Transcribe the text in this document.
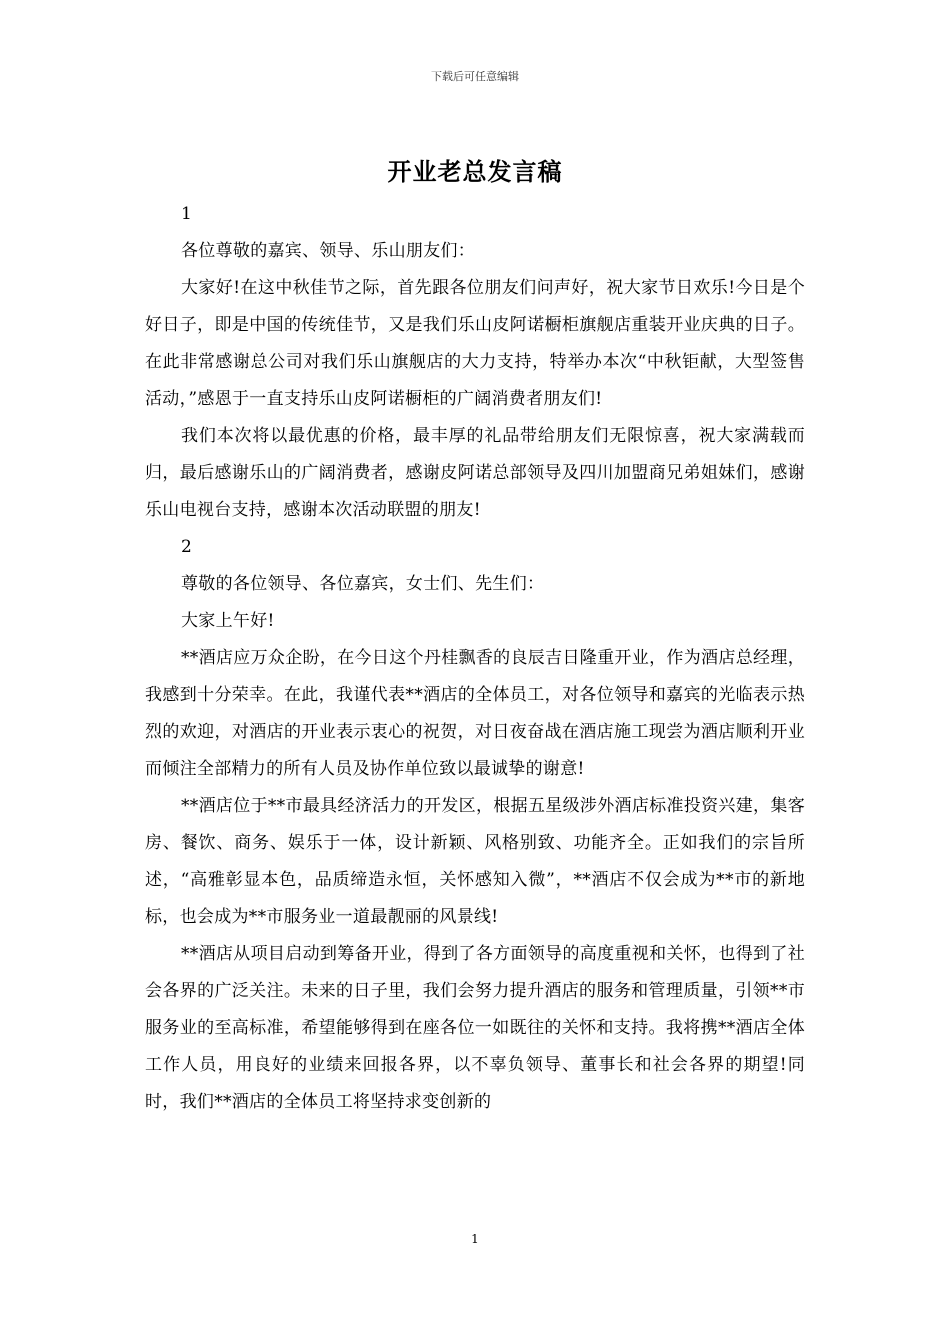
下载后可任意编辑
开业老总发言稿

1

各位尊敬的嘉宾、领导、乐山朋友们：

大家好!在这中秋佳节之际，首先跟各位朋友们问声好，祝大家节日欢乐!今日是个好日子，即是中国的传统佳节，又是我们乐山皮阿诺橱柜旗舰店重装开业庆典的日子。在此非常感谢总公司对我们乐山旗舰店的大力支持，特举办本次“中秋钜献，大型签售活动，”感恩于一直支持乐山皮阿诺橱柜的广阔消费者朋友们!

我们本次将以最优惠的价格，最丰厚的礼品带给朋友们无限惊喜，祝大家满载而归，最后感谢乐山的广阔消费者，感谢皮阿诺总部领导及四川加盟商兄弟姐妹们，感谢乐山电视台支持，感谢本次活动联盟的朋友!

2

尊敬的各位领导、各位嘉宾，女士们、先生们：

大家上午好!

**酒店应万众企盼，在今日这个丹桂飘香的良辰吉日隆重开业，作为酒店总经理，我感到十分荣幸。在此，我谨代表**酒店的全体员工，对各位领导和嘉宾的光临表示热烈的欢迎，对酒店的开业表示衷心的祝贺，对日夜奋战在酒店施工现尝为酒店顺利开业而倾注全部精力的所有人员及协作单位致以最诚挚的谢意!

**酒店位于**市最具经济活力的开发区，根据五星级涉外酒店标准投资兴建，集客房、餐饮、商务、娱乐于一体，设计新颖、风格别致、功能齐全。正如我们的宗旨所述，“高雅彰显本色，品质缔造永恒，关怀感知入微”，**酒店不仅会成为**市的新地标，也会成为**市服务业一道最靓丽的风景线!

**酒店从项目启动到筹备开业，得到了各方面领导的高度重视和关怀，也得到了社会各界的广泛关注。未来的日子里，我们会努力提升酒店的服务和管理质量，引领**市服务业的至高标准，希望能够得到在座各位一如既往的关怀和支持。我将携**酒店全体工作人员，用良好的业绩来回报各界，以不辜负领导、董事长和社会各界的期望!同时，我们**酒店的全体员工将坚持求变创新的

1
